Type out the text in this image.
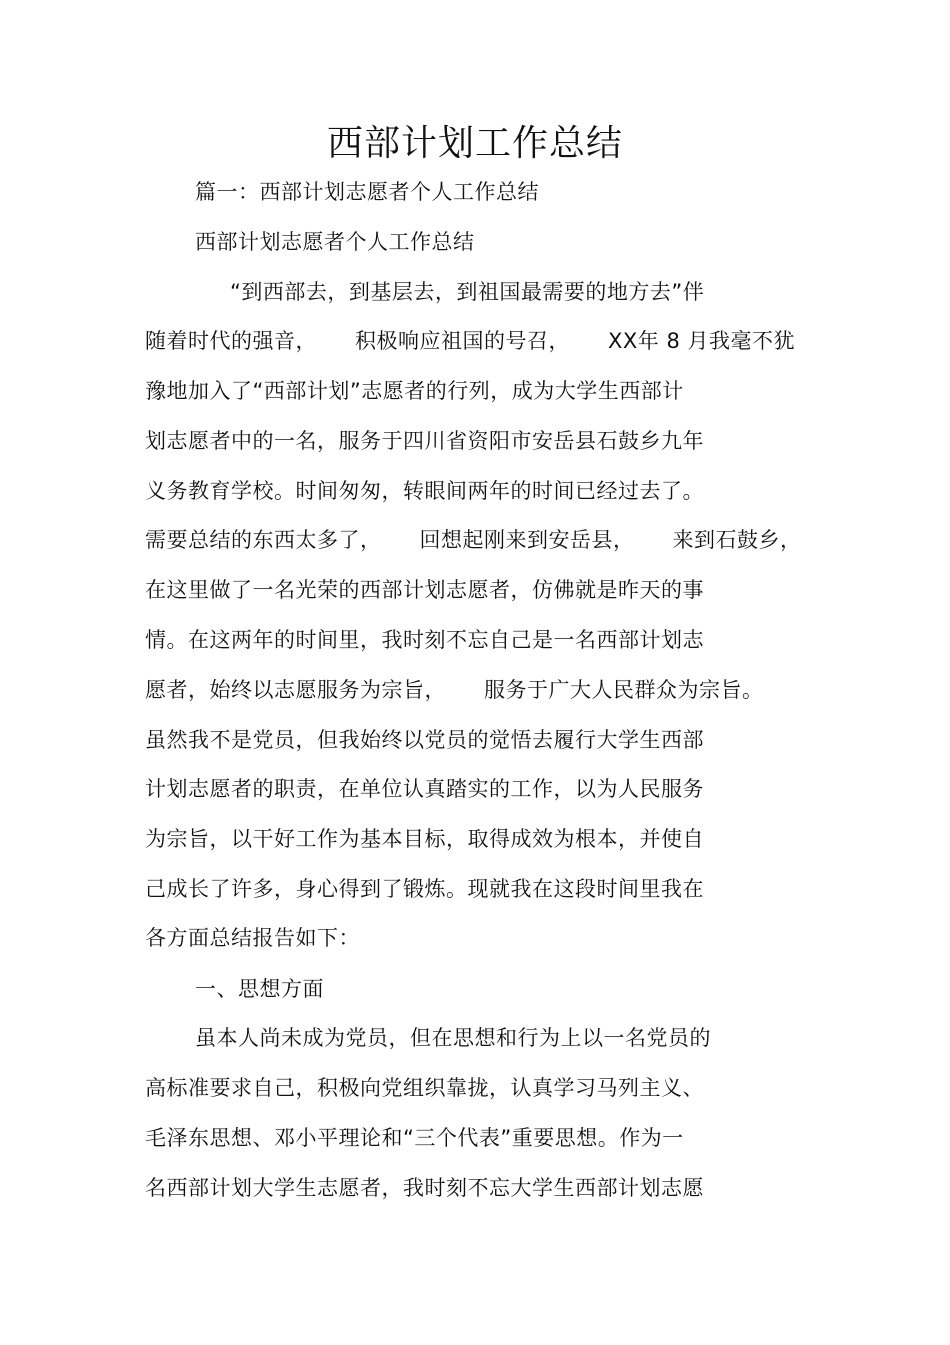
西部计划工作总结
篇一：西部计划志愿者个人工作总结
西部计划志愿者个人工作总结
“到西部去，到基层去，到祖国最需要的地方去”伴
随着时代的强音， 积极响应祖国的号召， XX年 8 月我毫不犹
豫地加入了“西部计划”志愿者的行列，成为大学生西部计
划志愿者中的一名，服务于四川省资阳市安岳县石鼓乡九年
义务教育学校。时间匆匆，转眼间两年的时间已经过去了。
需要总结的东西太多了， 回想起刚来到安岳县， 来到石鼓乡，
在这里做了一名光荣的西部计划志愿者，仿佛就是昨天的事
情。在这两年的时间里，我时刻不忘自己是一名西部计划志
愿者，始终以志愿服务为宗旨， 服务于广大人民群众为宗旨。
虽然我不是党员，但我始终以党员的觉悟去履行大学生西部
计划志愿者的职责，在单位认真踏实的工作，以为人民服务
为宗旨，以干好工作为基本目标，取得成效为根本，并使自
己成长了许多，身心得到了锻炼。现就我在这段时间里我在
各方面总结报告如下：
一、思想方面
虽本人尚未成为党员，但在思想和行为上以一名党员的
高标准要求自己，积极向党组织靠拢，认真学习马列主义、
毛泽东思想、邓小平理论和“三个代表”重要思想。作为一
名西部计划大学生志愿者，我时刻不忘大学生西部计划志愿
